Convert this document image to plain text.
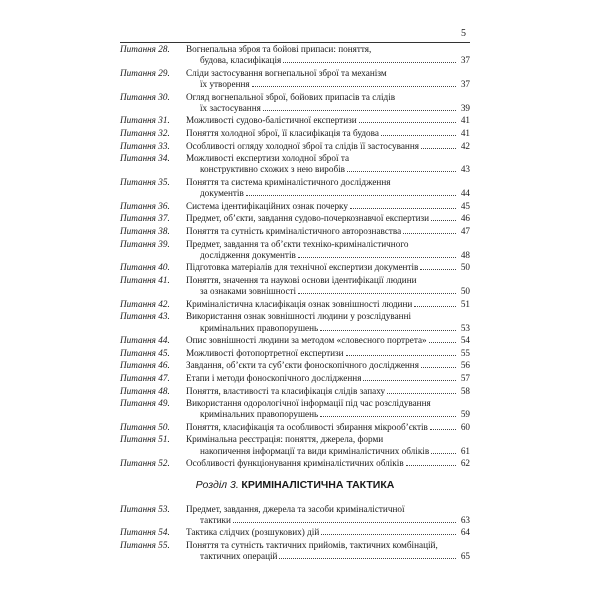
5
Питання 28.	Вогнепальна зброя та бойові припаси: поняття,
будова, класифікація	37
Питання 29.	Сліди застосування вогнепальної зброї та механізм
їх утворення	37
Питання 30.	Огляд вогнепальної зброї, бойових припасів та слідів
їх застосування	39
Питання 31.	Можливості судово-балістичної експертизи	41
Питання 32.	Поняття холодної зброї, її класифікація та будова	41
Питання 33.	Особливості огляду холодної зброї та слідів її застосування	42
Питання 34.	Можливості експертизи холодної зброї та
конструктивно схожих з нею виробів	43
Питання 35.	Поняття та система криміналістичного дослідження
документів	44
Питання 36.	Система ідентифікаційних ознак почерку	45
Питання 37.	Предмет, об’єкти, завдання судово-почеркознавчої експертизи	46
Питання 38.	Поняття та сутність криміналістичного авторознавства	47
Питання 39.	Предмет, завдання та об’єкти техніко-криміналістичного
дослідження документів	48
Питання 40.	Підготовка матеріалів для технічної експертизи документів	50
Питання 41.	Поняття, значення та наукові основи ідентифікації людини
за ознаками зовнішності	50
Питання 42.	Криміналістична класифікація ознак зовнішності людини	51
Питання 43.	Використання ознак зовнішності людини у розслідуванні
кримінальних правопорушень	53
Питання 44.	Опис зовнішності людини за методом «словесного портрета»	54
Питання 45.	Можливості фотопортретної експертизи	55
Питання 46.	Завдання, об’єкти та суб’єкти фоноскопічного дослідження	56
Питання 47.	Етапи і методи фоноскопічного дослідження	57
Питання 48.	Поняття, властивості та класифікація слідів запаху	58
Питання 49.	Використання одорологічної інформації під час розслідування
кримінальних правопорушень	59
Питання 50.	Поняття, класифікація та особливості збирання мікрооб’єктів	60
Питання 51.	Кримінальна реєстрація: поняття, джерела, форми
накопичення інформації та види криміналістичних обліків	61
Питання 52.	Особливості функціонування криміналістичних обліків	62
Розділ 3. КРИМІНАЛІСТИЧНА ТАКТИКА
Питання 53.	Предмет, завдання, джерела та засоби криміналістичної
тактики	63
Питання 54.	Тактика слідчих (розшукових) дій	64
Питання 55.	Поняття та сутність тактичних прийомів, тактичних комбінацій,
тактичних операцій	65
